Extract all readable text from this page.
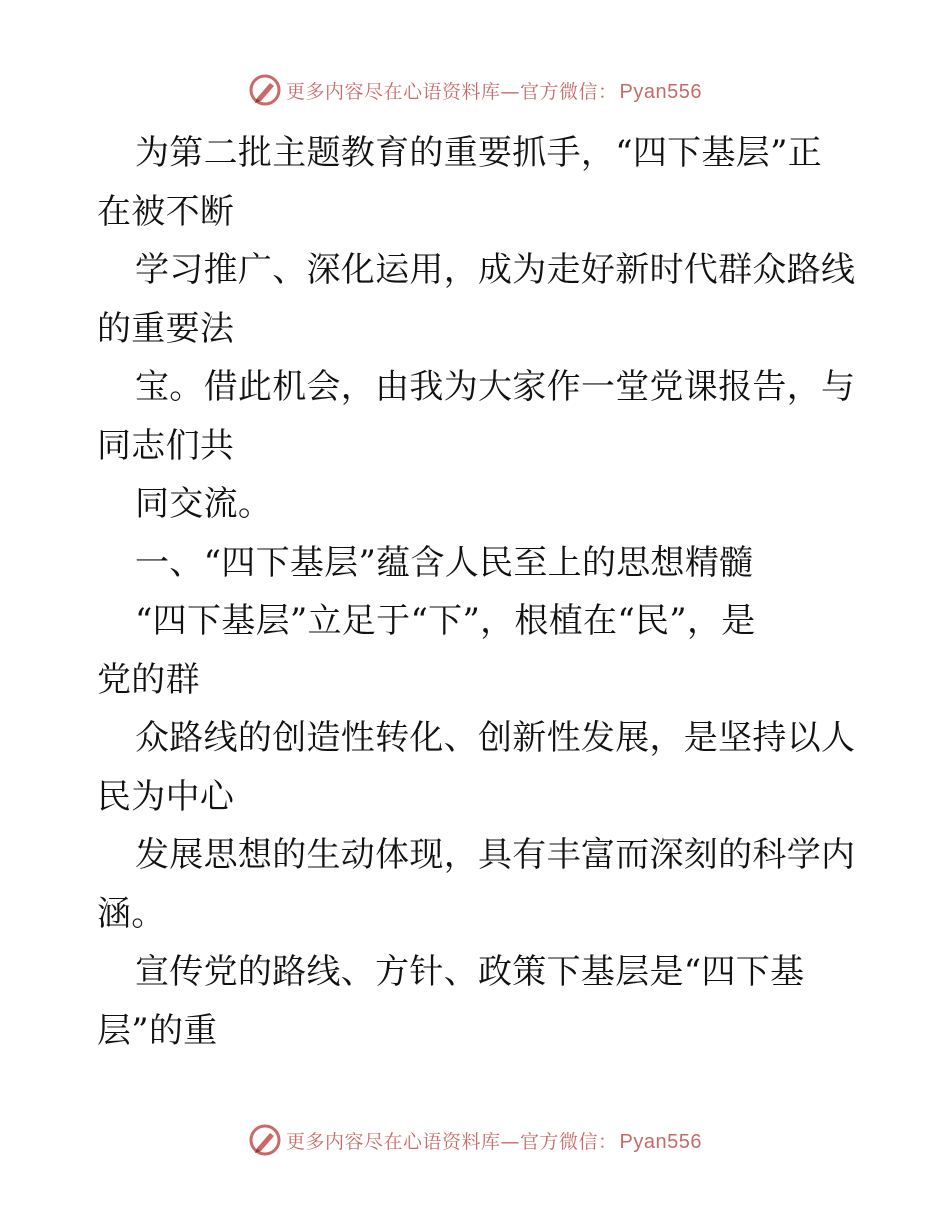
更多内容尽在心语资料库—官方微信： Pyan556
为第二批主题教育的重要抓手，“四下基层”正
在被不断
学习推广、深化运用，成为走好新时代群众路线
的重要法
宝。借此机会，由我为大家作一堂党课报告，与
同志们共
同交流。
一、“四下基层”蕴含人民至上的思想精髓
“四下基层”立足于“下”，根植在“民”，是
党的群
众路线的创造性转化、创新性发展，是坚持以人
民为中心
发展思想的生动体现，具有丰富而深刻的科学内
涵。
宣传党的路线、方针、政策下基层是“四下基
层”的重
更多内容尽在心语资料库—官方微信： Pyan556
